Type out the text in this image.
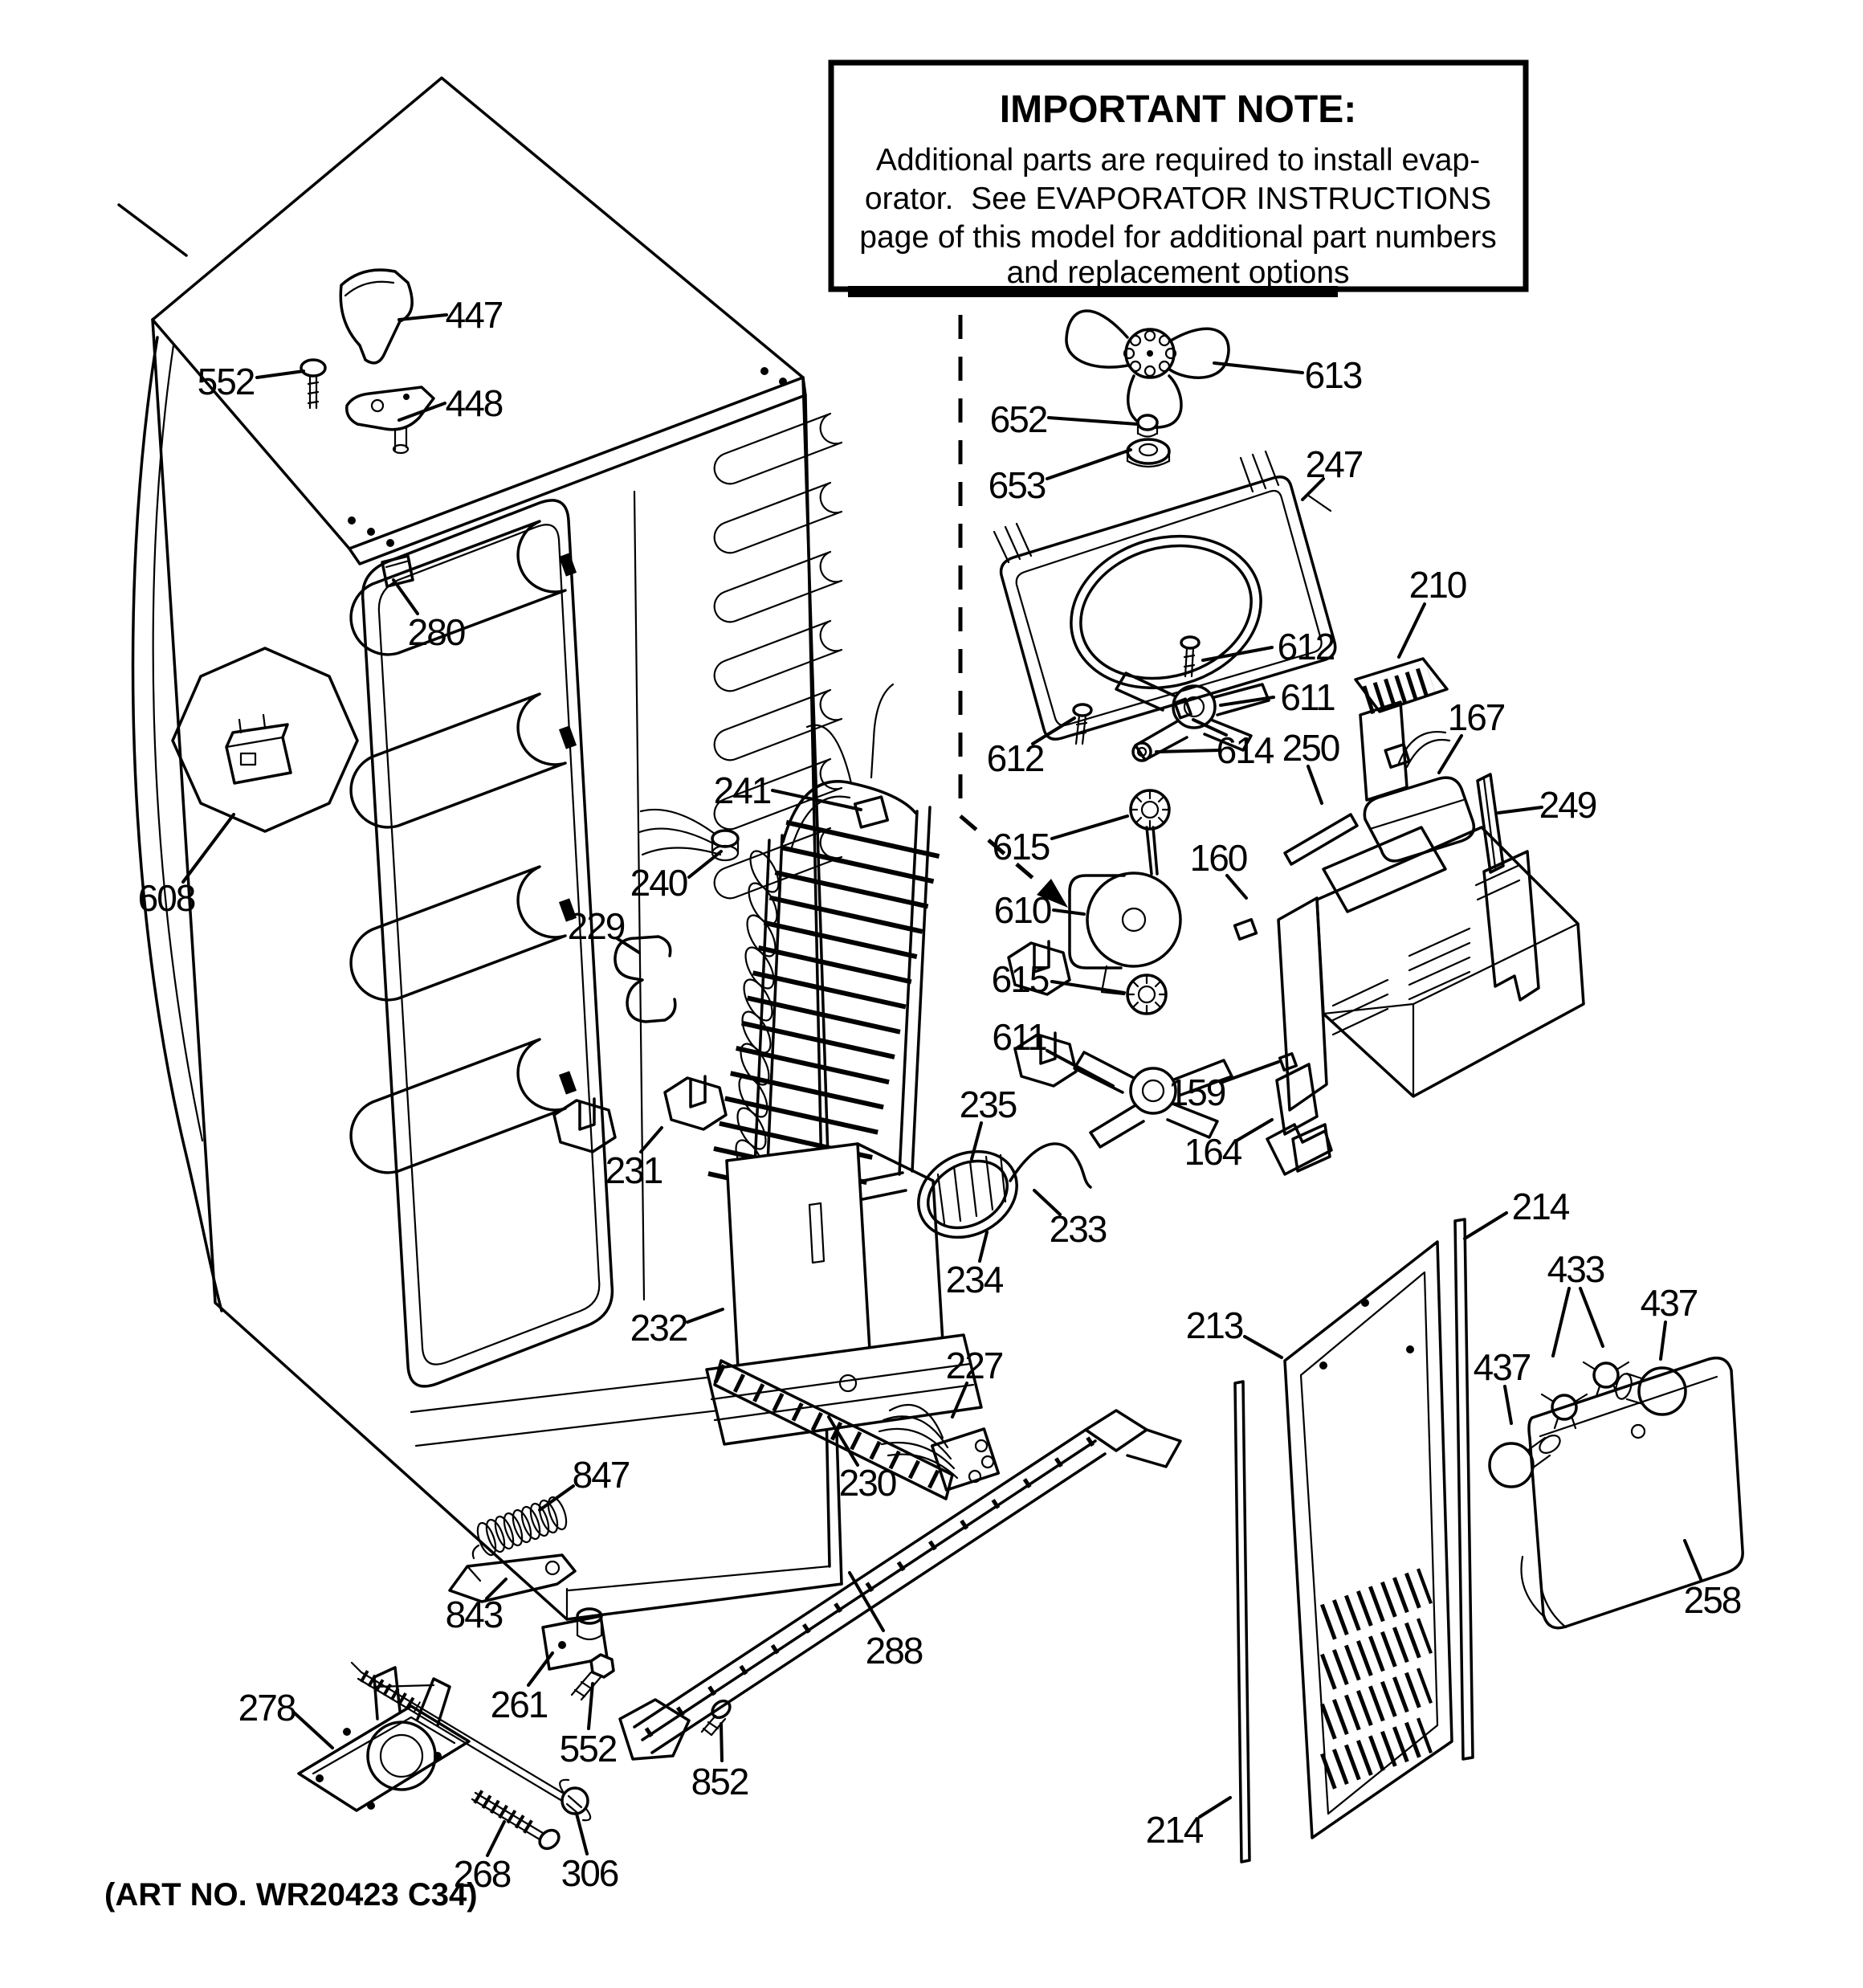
IMPORTANT NOTE:
Additional parts are required to install evap-
orator.  See EVAPORATOR INSTRUCTIONS
page of this model for additional part numbers
and replacement options
(ART NO. WR20423 C34)
447
552
448
280
608
241
240
229
231
232
230
227
235
233
234
613
652
653	247
612
611
612	614 250
615	160
610
615
611
159
164
210
167
249
214
213
433
437
437
258
214
847
843
261
552
852
278
268 306
288
